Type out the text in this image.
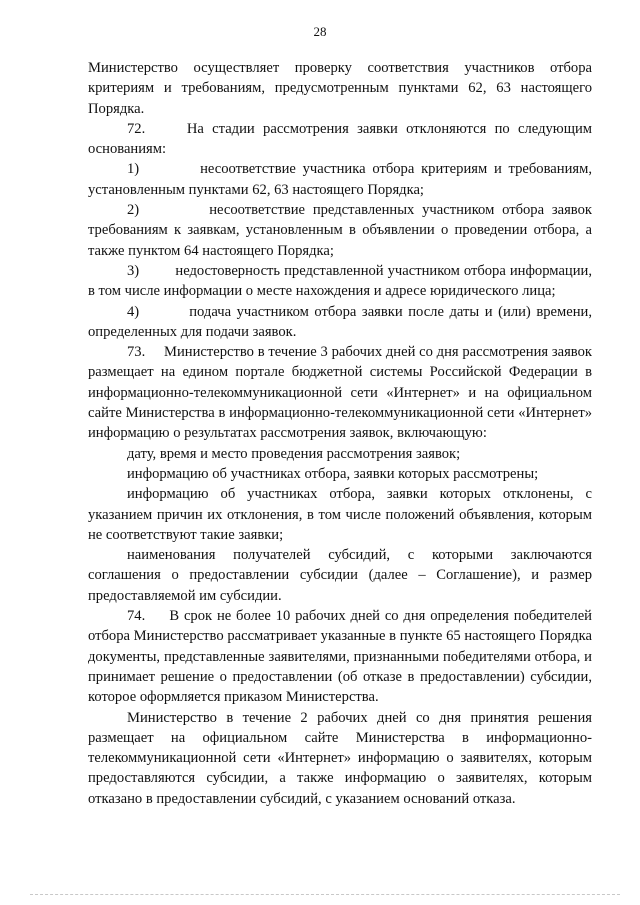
28

Министерство осуществляет проверку соответствия участников отбора критериям и требованиям, предусмотренным пунктами 62, 63 настоящего Порядка.

72.     На стадии рассмотрения заявки отклоняются по следующим основаниям:

1)         несоответствие участника отбора критериям и требованиям, установленным пунктами 62, 63 настоящего Порядка;

2)         несоответствие представленных участником отбора заявок требованиям к заявкам, установленным в объявлении о проведении отбора, а также пунктом 64 настоящего Порядка;

3)         недостоверность представленной участником отбора информации, в том числе информации о месте нахождения и адресе юридического лица;

4)         подача участником отбора заявки после даты и (или) времени, определенных для подачи заявок.

73.     Министерство в течение 3 рабочих дней со дня рассмотрения заявок размещает на едином портале бюджетной системы Российской Федерации в информационно-телекоммуникационной сети «Интернет» и на официальном сайте Министерства в информационно-телекоммуникационной сети «Интернет» информацию о результатах рассмотрения заявок, включающую:

дату, время и место проведения рассмотрения заявок;

информацию об участниках отбора, заявки которых рассмотрены;

информацию об участниках отбора, заявки которых отклонены, с указанием причин их отклонения, в том числе положений объявления, которым не соответствуют такие заявки;

наименования получателей субсидий, с которыми заключаются соглашения о предоставлении субсидии (далее – Соглашение), и размер предоставляемой им субсидии.

74.     В срок не более 10 рабочих дней со дня определения победителей отбора Министерство рассматривает указанные в пункте 65 настоящего Порядка документы, представленные заявителями, признанными победителями отбора, и принимает решение о предоставлении (об отказе в предоставлении) субсидии, которое оформляется приказом Министерства.

Министерство в течение 2 рабочих дней со дня принятия решения размещает на официальном сайте Министерства в информационно-телекоммуникационной сети «Интернет» информацию о заявителях, которым предоставляются субсидии, а также информацию о заявителях, которым отказано в предоставлении субсидий, с указанием оснований отказа.
